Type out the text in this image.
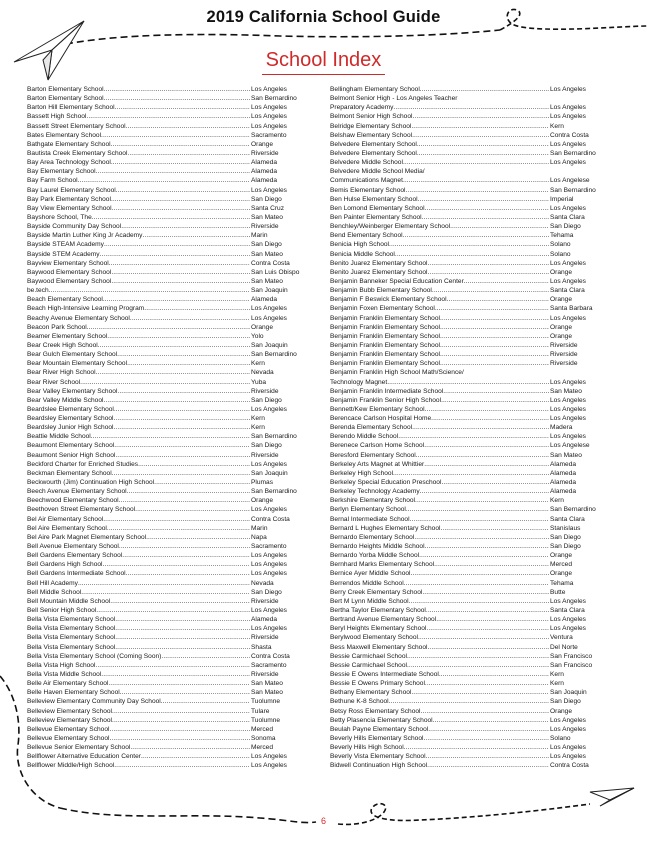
2019 California School Guide
School Index
Barton Elementary School .....	Los Angeles
Barton Elementary School .....	San Bernardino
Barton Hill Elementary School .....	Los Angeles
Bassett High School .....	Los Angeles
Bassett Street Elementary School .....	Los Angeles
Bates Elementary School .....	Sacramento
Bathgate Elementary School .....	Orange
Bautista Creek Elementary School .....	Riverside
Bay Area Technology School .....	Alameda
Bay Elementary School .....	Alameda
Bay Farm School .....	Alameda
Bay Laurel Elementary School .....	Los Angeles
Bay Park Elementary School .....	San Diego
Bay View Elementary School .....	Santa Cruz
Bayshore School, The .....	San Mateo
Bayside Community Day School .....	Riverside
Bayside Martin Luther King Jr Academy .....	Marin
Bayside STEAM Academy .....	San Diego
Bayside STEM Academy .....	San Mateo
Bayview Elementary School .....	Contra Costa
Baywood Elementary School .....	San Luis Obispo
Baywood Elementary School .....	San Mateo
be.tech .....	San Joaquin
Beach Elementary School .....	Alameda
Beach High-Intensive Learning Program .....	Los Angeles
Beachy Avenue Elementary School .....	Los Angeles
Beacon Park School .....	Orange
Beamer Elementary School .....	Yolo
Bear Creek High School .....	San Joaquin
Bear Gulch Elementary School .....	San Bernardino
Bear Mountain Elementary School .....	Kern
Bear River High School .....	Nevada
Bear River School .....	Yuba
Bear Valley Elementary School .....	Riverside
Bear Valley Middle School .....	San Diego
Beardslee Elementary School .....	Los Angeles
Beardsley Elementary School .....	Kern
Beardsley Junior High School .....	Kern
Beattie Middle School .....	San Bernardino
Beaumont Elementary School .....	San Diego
Beaumont Senior High School .....	Riverside
Beckford Charter for Enriched Studies .....	Los Angeles
Beckman Elementary School .....	San Joaquin
Beckwourth (Jim) Continuation High School .....	Plumas
Beech Avenue Elementary School .....	San Bernardino
Beechwood Elementary School .....	Orange
Beethoven Street Elementary School .....	Los Angeles
Bel Air Elementary School .....	Contra Costa
Bel Aire Elementary School .....	Marin
Bel Aire Park Magnet Elementary School .....	Napa
Bell Avenue Elementary School .....	Sacramento
Bell Gardens Elementary School .....	Los Angeles
Bell Gardens High School .....	Los Angeles
Bell Gardens Intermediate School .....	Los Angeles
Bell Hill Academy .....	Nevada
Bell Middle School .....	San Diego
Bell Mountain Middle School .....	Riverside
Bell Senior High School .....	Los Angeles
Bella Vista Elementary School .....	Alameda
Bella Vista Elementary School .....	Los Angeles
Bella Vista Elementary School .....	Riverside
Bella Vista Elementary School .....	Shasta
Bella Vista Elementary School (Coming Soon) .....	Contra Costa
Bella Vista High School .....	Sacramento
Bella Vista Middle School .....	Riverside
Belle Air Elementary School .....	San Mateo
Belle Haven Elementary School .....	San Mateo
Belleview Elementary Community Day School .....	Tuolumne
Belleview Elementary School .....	Tulare
Belleview Elementary School .....	Tuolumne
Bellevue Elementary School .....	Merced
Bellevue Elementary School .....	Sonoma
Bellevue Senior Elementary School .....	Merced
Bellflower Alternative Education Center .....	Los Angeles
Bellflower Middle/High School .....	Los Angeles
Bellingham Elementary School .....	Los Angeles
Belmont Senior High - Los Angeles Teacher
Preparatory Academy .....	Los Angeles
Belmont Senior High School .....	Los Angeles
Belridge Elementary School .....	Kern
Belshaw Elementary School .....	Contra Costa
Belvedere Elementary School .....	Los Angeles
Belvedere Elementary School .....	San Bernardino
Belvedere Middle School .....	Los Angeles
Belvedere Middle School Media/
Communications Magnet .....	Los Angelese
Bemis Elementary School .....	San Bernardino
Ben Hulse Elementary School .....	Imperial
Ben Lomond Elementary School .....	Los Angeles
Ben Painter Elementary School .....	Santa Clara
Benchley/Weinberger Elementary School .....	San Diego
Bend Elementary School .....	Tehama
Benicia High School .....	Solano
Benicia Middle School .....	Solano
Benito Juarez Elementary School .....	Los Angeles
Benito Juarez Elementary School .....	Orange
Benjamin Banneker Special Education Center .....	Los Angeles
Benjamin Bubb Elementary School .....	Santa Clara
Benjamin F Beswick Elementary School .....	Orange
Benjamin Foxen Elementary School .....	Santa Barbara
Benjamin Franklin Elementary School .....	Los Angeles
Benjamin Franklin Elementary School .....	Orange
Benjamin Franklin Elementary School .....	Orange
Benjamin Franklin Elementary School .....	Riverside
Benjamin Franklin Elementary School .....	Riverside
Benjamin Franklin Elementary School .....	Riverside
Benjamin Franklin High School Math/Science/
Technology Magnet .....	Los Angeles
Benjamin Franklin Intermediate School .....	San Mateo
Benjamin Franklin Senior High School .....	Los Angeles
Bennett/Kew Elementary School .....	Los Angeles
Berencace Carlson Hospital Home .....	Los Angeles
Berenda Elementary School .....	Madera
Berendo Middle School .....	Los Angeles
Berenece Carlson Home School .....	Los Angelese
Beresford Elementary School .....	San Mateo
Berkeley Arts Magnet at Whittier .....	Alameda
Berkeley High School .....	Alameda
Berkeley Special Education Preschool .....	Alameda
Berkeley Technology Academy .....	Alameda
Berkshire Elementary School .....	Kern
Berlyn Elementary School .....	San Bernardino
Bernal Intermediate School .....	Santa Clara
Bernard L Hughes Elementary School .....	Stanislaus
Bernardo Elementary School .....	San Diego
Bernardo Heights Middle School .....	San Diego
Bernardo Yorba Middle School .....	Orange
Bernhard Marks Elementary School .....	Merced
Bernice Ayer Middle School .....	Orange
Berrendos Middle School .....	Tehama
Berry Creek Elementary School .....	Butte
Bert M Lynn Middle School .....	Los Angeles
Bertha Taylor Elementary School .....	Santa Clara
Bertrand Avenue Elementary School .....	Los Angeles
Beryl Heights Elementary School .....	Los Angeles
Berylwood Elementary School .....	Ventura
Bess Maxwell Elementary School .....	Del Norte
Bessie Carmichael School .....	San Francisco
Bessie Carmichael School .....	San Francisco
Bessie E Owens Intermediate School .....	Kern
Bessie E Owens Primary School .....	Kern
Bethany Elementary School .....	San Joaquin
Bethune K-8 School .....	San Diego
Betsy Ross Elementary School .....	Orange
Betty Plasencia Elementary School .....	Los Angeles
Beulah Payne Elementary School .....	Los Angeles
Beverly Hills Elementary School .....	Solano
Beverly Hills High School .....	Los Angeles
Beverly Vista Elementary School .....	Los Angeles
Bidwell Continuation High School .....	Contra Costa
6
